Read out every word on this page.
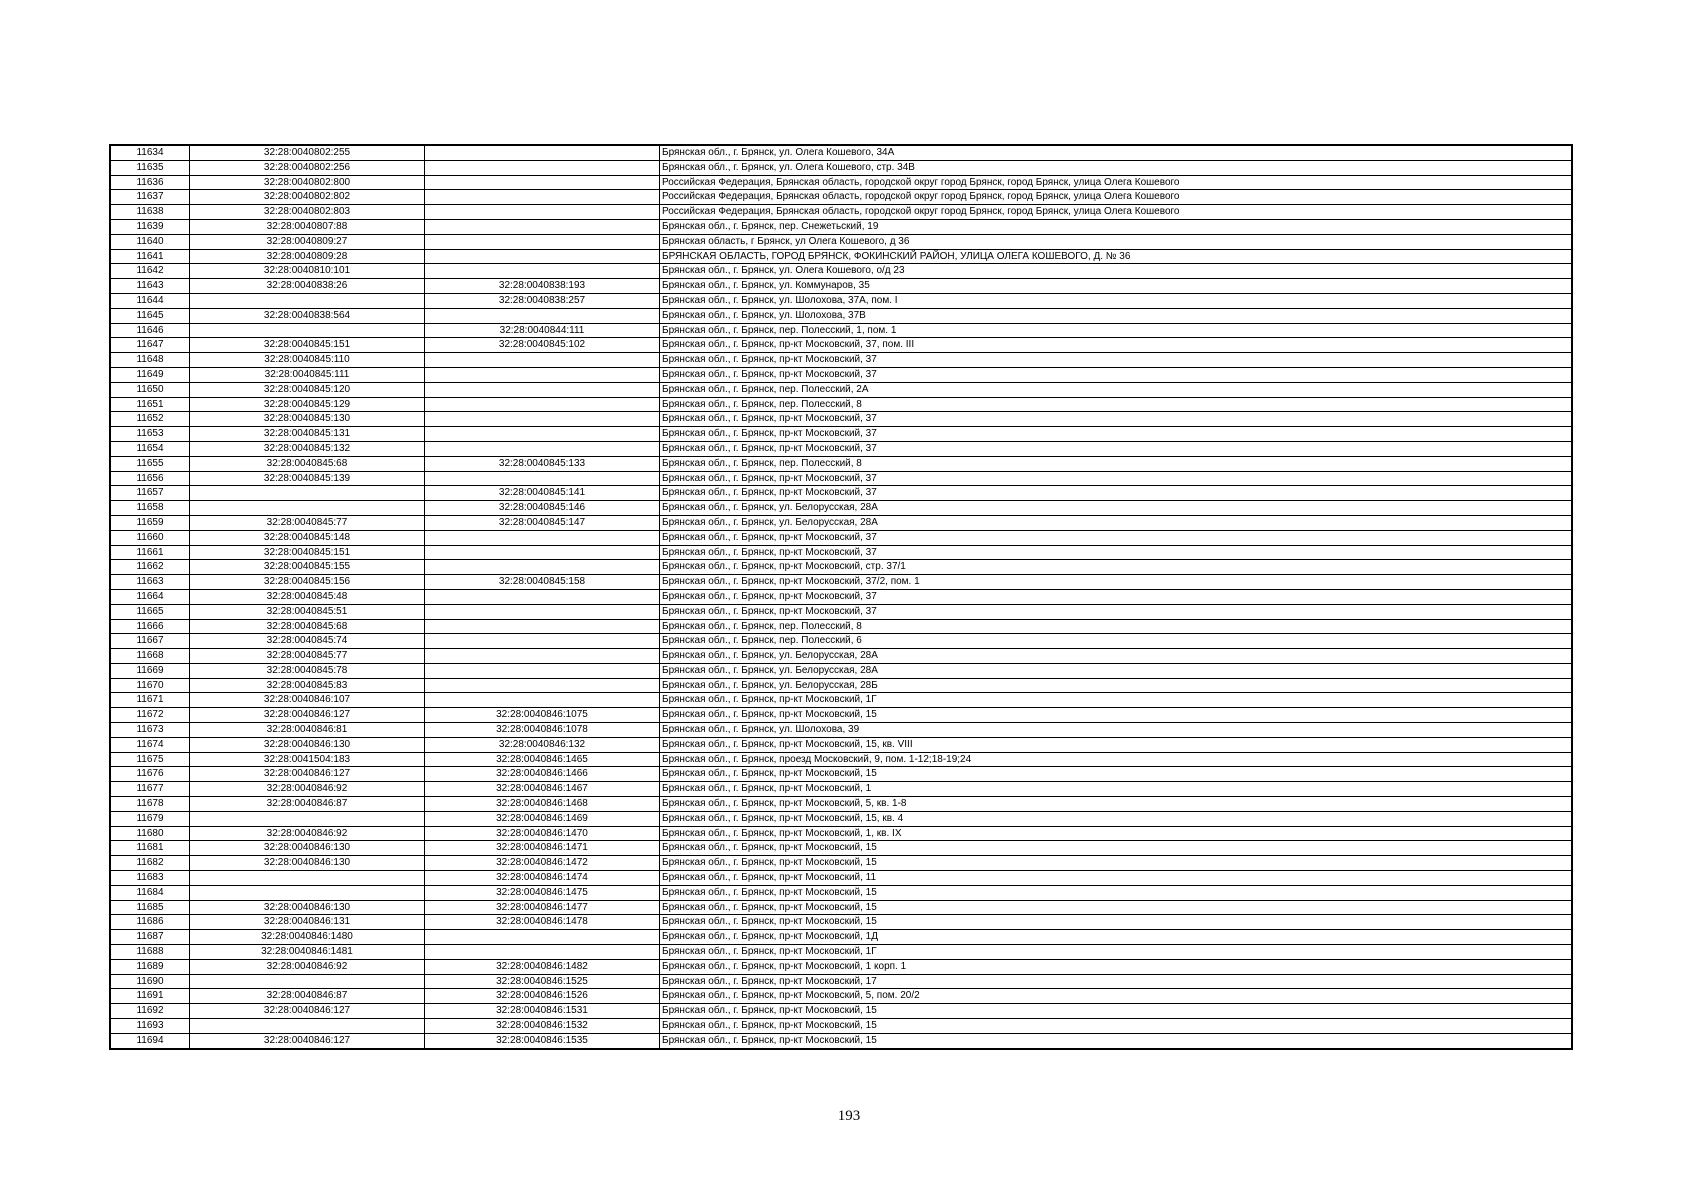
11634	32:28:0040802:255		Брянская обл., г. Брянск, ул. Олега Кошевого, 34А
11635	32:28:0040802:256		Брянская обл., г. Брянск, ул. Олега Кошевого, стр. 34В
11636	32:28:0040802:800		Российская Федерация, Брянская область, городской округ город Брянск, город Брянск, улица Олега Кошевого
11637	32:28:0040802:802		Российская Федерация, Брянская область, городской округ город Брянск, город Брянск, улица Олега Кошевого
11638	32:28:0040802:803		Российская Федерация, Брянская область, городской округ город Брянск, город Брянск, улица Олега Кошевого
11639	32:28:0040807:88		Брянская обл., г. Брянск, пер. Снежетьский, 19
11640	32:28:0040809:27		Брянская область, г Брянск, ул Олега Кошевого, д 36
11641	32:28:0040809:28		БРЯНСКАЯ ОБЛАСТЬ, ГОРОД БРЯНСК, ФОКИНСКИЙ РАЙОН, УЛИЦА ОЛЕГА КОШЕВОГО, Д. № 36
11642	32:28:0040810:101		Брянская обл., г. Брянск, ул. Олега Кошевого, о/д 23
11643	32:28:0040838:26	32:28:0040838:193	Брянская обл., г. Брянск, ул. Коммунаров, 35
11644		32:28:0040838:257	Брянская обл., г. Брянск, ул. Шолохова, 37А, пом. I
11645	32:28:0040838:564		Брянская обл., г. Брянск, ул. Шолохова, 37В
11646		32:28:0040844:111	Брянская обл., г. Брянск, пер. Полесский, 1, пом. 1
11647	32:28:0040845:151	32:28:0040845:102	Брянская обл., г. Брянск, пр-кт Московский, 37, пом. III
11648	32:28:0040845:110		Брянская обл., г. Брянск, пр-кт Московский, 37
11649	32:28:0040845:111		Брянская обл., г. Брянск, пр-кт Московский, 37
11650	32:28:0040845:120		Брянская обл., г. Брянск, пер. Полесский, 2А
11651	32:28:0040845:129		Брянская обл., г. Брянск, пер. Полесский, 8
11652	32:28:0040845:130		Брянская обл., г. Брянск, пр-кт Московский, 37
11653	32:28:0040845:131		Брянская обл., г. Брянск, пр-кт Московский, 37
11654	32:28:0040845:132		Брянская обл., г. Брянск, пр-кт Московский, 37
11655	32:28:0040845:68	32:28:0040845:133	Брянская обл., г. Брянск, пер. Полесский, 8
11656	32:28:0040845:139		Брянская обл., г. Брянск, пр-кт Московский, 37
11657		32:28:0040845:141	Брянская обл., г. Брянск, пр-кт Московский, 37
11658		32:28:0040845:146	Брянская обл., г. Брянск, ул. Белорусская, 28А
11659	32:28:0040845:77	32:28:0040845:147	Брянская обл., г. Брянск, ул. Белорусская, 28А
11660	32:28:0040845:148		Брянская обл., г. Брянск, пр-кт Московский, 37
11661	32:28:0040845:151		Брянская обл., г. Брянск, пр-кт Московский, 37
11662	32:28:0040845:155		Брянская обл., г. Брянск, пр-кт Московский, стр. 37/1
11663	32:28:0040845:156	32:28:0040845:158	Брянская обл., г. Брянск, пр-кт Московский, 37/2, пом. 1
11664	32:28:0040845:48		Брянская обл., г. Брянск, пр-кт Московский, 37
11665	32:28:0040845:51		Брянская обл., г. Брянск, пр-кт Московский, 37
11666	32:28:0040845:68		Брянская обл., г. Брянск, пер. Полесский, 8
11667	32:28:0040845:74		Брянская обл., г. Брянск, пер. Полесский, 6
11668	32:28:0040845:77		Брянская обл., г. Брянск, ул. Белорусская, 28А
11669	32:28:0040845:78		Брянская обл., г. Брянск, ул. Белорусская, 28А
11670	32:28:0040845:83		Брянская обл., г. Брянск, ул. Белорусская, 28Б
11671	32:28:0040846:107		Брянская обл., г. Брянск, пр-кт Московский, 1Г
11672	32:28:0040846:127	32:28:0040846:1075	Брянская обл., г. Брянск, пр-кт Московский, 15
11673	32:28:0040846:81	32:28:0040846:1078	Брянская обл., г. Брянск, ул. Шолохова, 39
11674	32:28:0040846:130	32:28:0040846:132	Брянская обл., г. Брянск, пр-кт Московский, 15, кв. VIII
11675	32:28:0041504:183	32:28:0040846:1465	Брянская обл., г. Брянск, проезд Московский, 9, пом. 1-12;18-19;24
11676	32:28:0040846:127	32:28:0040846:1466	Брянская обл., г. Брянск, пр-кт Московский, 15
11677	32:28:0040846:92	32:28:0040846:1467	Брянская обл., г. Брянск, пр-кт Московский, 1
11678	32:28:0040846:87	32:28:0040846:1468	Брянская обл., г. Брянск, пр-кт Московский, 5, кв. 1-8
11679		32:28:0040846:1469	Брянская обл., г. Брянск, пр-кт Московский, 15, кв. 4
11680	32:28:0040846:92	32:28:0040846:1470	Брянская обл., г. Брянск, пр-кт Московский, 1, кв. IX
11681	32:28:0040846:130	32:28:0040846:1471	Брянская обл., г. Брянск, пр-кт Московский, 15
11682	32:28:0040846:130	32:28:0040846:1472	Брянская обл., г. Брянск, пр-кт Московский, 15
11683		32:28:0040846:1474	Брянская обл., г. Брянск, пр-кт Московский, 11
11684		32:28:0040846:1475	Брянская обл., г. Брянск, пр-кт Московский, 15
11685	32:28:0040846:130	32:28:0040846:1477	Брянская обл., г. Брянск, пр-кт Московский, 15
11686	32:28:0040846:131	32:28:0040846:1478	Брянская обл., г. Брянск, пр-кт Московский, 15
11687	32:28:0040846:1480		Брянская обл., г. Брянск, пр-кт Московский, 1Д
11688	32:28:0040846:1481		Брянская обл., г. Брянск, пр-кт Московский, 1Г
11689	32:28:0040846:92	32:28:0040846:1482	Брянская обл., г. Брянск, пр-кт Московский, 1 корп. 1
11690		32:28:0040846:1525	Брянская обл., г. Брянск, пр-кт Московский, 17
11691	32:28:0040846:87	32:28:0040846:1526	Брянская обл., г. Брянск, пр-кт Московский, 5, пом. 20/2
11692	32:28:0040846:127	32:28:0040846:1531	Брянская обл., г. Брянск, пр-кт Московский, 15
11693		32:28:0040846:1532	Брянская обл., г. Брянск, пр-кт Московский, 15
11694	32:28:0040846:127	32:28:0040846:1535	Брянская обл., г. Брянск, пр-кт Московский, 15
193
